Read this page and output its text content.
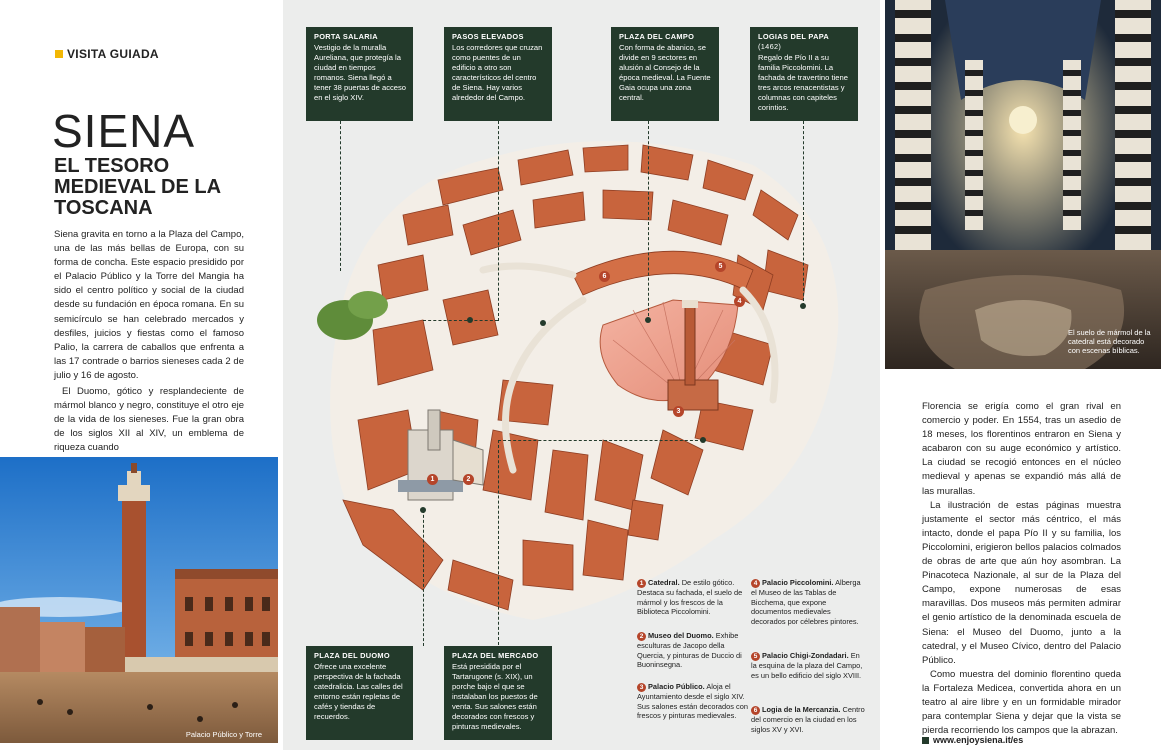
VISITA GUIADA
SIENA
EL TESORO MEDIEVAL DE LA TOSCANA

Siena gravita en torno a la Plaza del Campo, una de las más bellas de Europa, con su forma de concha. Este espacio presidido por el Palacio Público y la Torre del Mangia ha sido el centro político y social de la ciudad desde su fundación en época romana. En su semicírculo se han celebrado mercados y desfiles, juicios y fiestas como el famoso Palio, la carrera de caballos que enfrenta a las 17 contrade o barrios sieneses cada 2 de julio y 16 de agosto.

El Duomo, gótico y resplandeciente de mármol blanco y negro, constituye el otro eje de la vida de los sieneses. Fue la gran obra de los siglos XII al XIV, un emblema de riqueza cuando

Palacio Público y Torre
1	2
3
4
5
6
PORTA SALARIA
Vestigio de la muralla Aureliana, que protegía la ciudad en tiempos romanos. Siena llegó a tener 38 puertas de acceso en el siglo XIV.
PASOS ELEVADOS
Los corredores que cruzan como puentes de un edificio a otro son característicos del centro de Siena. Hay varios alrededor del Campo.
PLAZA DEL CAMPO
Con forma de abanico, se divide en 9 sectores en alusión al Consejo de la época medieval. La Fuente Gaia ocupa una zona central.
LOGIAS DEL PAPA (1462)
Regalo de Pío II a su familia Piccolomini. La fachada de travertino tiene tres arcos renacentistas y columnas con capiteles corintios.
PLAZA DEL DUOMO
Ofrece una excelente perspectiva de la fachada catedralicia. Las calles del entorno están repletas de cafés y tiendas de recuerdos.
PLAZA DEL MERCADO
Está presidida por el Tartarugone (s. XIX), un porche bajo el que se instalaban los puestos de venta. Sus salones están decorados con frescos y pinturas medievales.
1 Catedral. De estilo gótico. Destaca su fachada, el suelo de mármol y los frescos de la Biblioteca Piccolomini.
2 Museo del Duomo. Exhibe esculturas de Jacopo della Quercia, y pinturas de Duccio di Buoninsegna.
3 Palacio Público. Aloja el Ayuntamiento desde el siglo XIV. Sus salones están decorados con frescos y pinturas medievales.
4 Palacio Piccolomini. Alberga el Museo de las Tablas de Bicchema, que expone documentos medievales decorados por célebres pintores.
5 Palacio Chigi-Zondadari. En la esquina de la plaza del Campo, es un bello edificio del siglo XVIII.
6 Logia de la Mercanzia. Centro del comercio en la ciudad en los siglos XV y XVI.
El suelo de mármol de la catedral está decorado con escenas bíblicas.

Florencia se erigía como el gran rival en comercio y poder. En 1554, tras un asedio de 18 meses, los florentinos entraron en Siena y acabaron con su auge económico y artístico. La ciudad se recogió entonces en el núcleo medieval y apenas se expandió más allá de las murallas.

La ilustración de estas páginas muestra justamente el sector más céntrico, el más intacto, donde el papa Pío II y su familia, los Piccolomini, erigieron bellos palacios colmados de obras de arte que aún hoy asombran. La Pinacoteca Nazionale, al sur de la Plaza del Campo, expone numerosas de esas maravillas. Dos museos más permiten admirar el genio artístico de la denominada escuela de Siena: el Museo del Duomo, junto a la catedral, y el Museo Cívico, dentro del Palacio Público.

Como muestra del dominio florentino queda la Fortaleza Medicea, convertida ahora en un teatro al aire libre y en un formidable mirador para contemplar Siena y dejar que la vista se pierda recorriendo los campos que la abrazan.

www.enjoysiena.it/es
